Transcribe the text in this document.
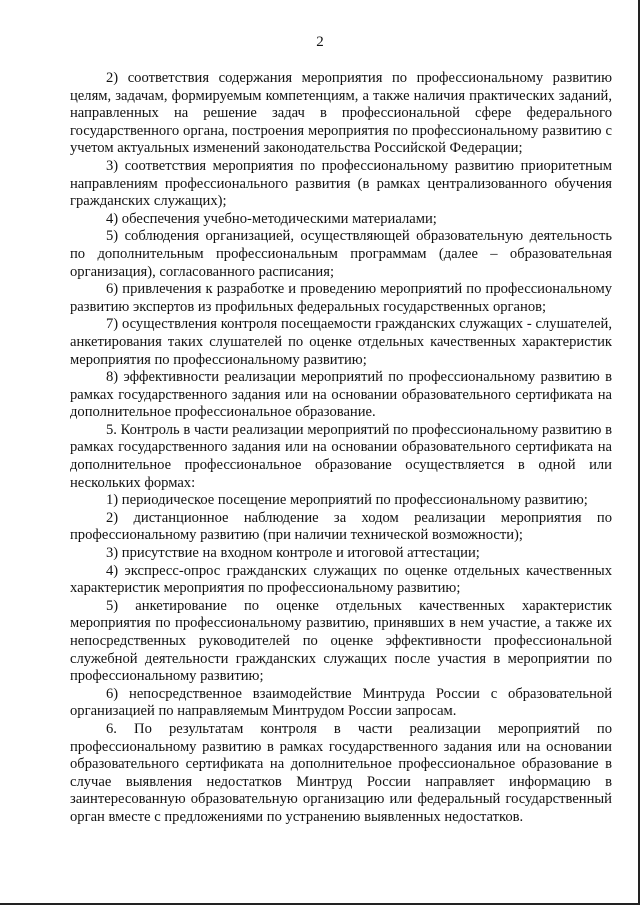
2

2) соответствия содержания мероприятия по профессиональному развитию целям, задачам, формируемым компетенциям, а также наличия практических заданий, направленных на решение задач в профессиональной сфере федерального государственного органа, построения мероприятия по профессиональному развитию с учетом актуальных изменений законодательства Российской Федерации;

3) соответствия мероприятия по профессиональному развитию приоритетным направлениям профессионального развития (в рамках централизованного обучения гражданских служащих);

4) обеспечения учебно-методическими материалами;

5) соблюдения организацией, осуществляющей образовательную деятельность по дополнительным профессиональным программам (далее – образовательная организация), согласованного расписания;

6) привлечения к разработке и проведению мероприятий по профессиональному развитию экспертов из профильных федеральных государственных органов;

7) осуществления контроля посещаемости гражданских служащих - слушателей, анкетирования таких слушателей по оценке отдельных качественных характеристик мероприятия по профессиональному развитию;

8) эффективности реализации мероприятий по профессиональному развитию в рамках государственного задания или на основании образовательного сертификата на дополнительное профессиональное образование.

5. Контроль в части реализации мероприятий по профессиональному развитию в рамках государственного задания или на основании образовательного сертификата на дополнительное профессиональное образование осуществляется в одной или нескольких формах:

1) периодическое посещение мероприятий по профессиональному развитию;

2) дистанционное наблюдение за ходом реализации мероприятия по профессиональному развитию (при наличии технической возможности);

3) присутствие на входном контроле и итоговой аттестации;

4) экспресс-опрос гражданских служащих по оценке отдельных качественных характеристик мероприятия по профессиональному развитию;

5) анкетирование по оценке отдельных качественных характеристик мероприятия по профессиональному развитию, принявших в нем участие, а также их непосредственных руководителей по оценке эффективности профессиональной служебной деятельности гражданских служащих после участия в мероприятии по профессиональному развитию;

6) непосредственное взаимодействие Минтруда России с образовательной организацией по направляемым Минтрудом России запросам.

6. По результатам контроля в части реализации мероприятий по профессиональному развитию в рамках государственного задания или на основании образовательного сертификата на дополнительное профессиональное образование в случае выявления недостатков Минтруд России направляет информацию в заинтересованную образовательную организацию или федеральный государственный орган вместе с предложениями по устранению выявленных недостатков.
